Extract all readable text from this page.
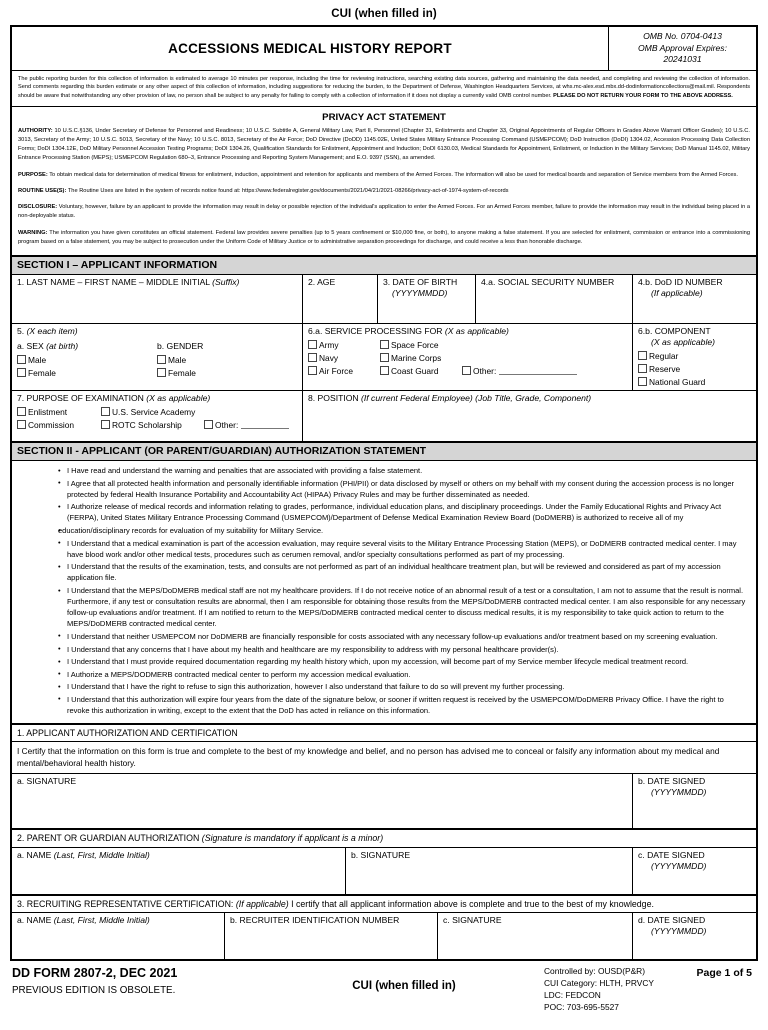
CUI (when filled in)
ACCESSIONS MEDICAL HISTORY REPORT
OMB No. 0704-0413
OMB Approval Expires:
20241031
The public reporting burden for this collection of information is estimated to average 10 minutes per response, including the time for reviewing instructions, searching existing data sources, gathering and maintaining the data needed, and completing and reviewing the collection of information. Send comments regarding this burden estimate or any other aspect of this collection of information, including suggestions for reducing the burden, to the Department of Defense, Washington Headquarters Services, at whs.mc-alex.esd.mbx.dd-dodinformationcollections@mail.mil. Respondents should be aware that notwithstanding any other provision of law, no person shall be subject to any penalty for failing to comply with a collection of information if it does not display a currently valid OMB control number. PLEASE DO NOT RETURN YOUR FORM TO THE ABOVE ADDRESS.
PRIVACY ACT STATEMENT
AUTHORITY: 10 U.S.C.§136, Under Secretary of Defense for Personnel and Readiness; 10 U.S.C. Subtitle A, General Military Law, Part II, Personnel (Chapter 31, Enlistments and Chapter 33, Original Appointments of Regular Officers in Grades Above Warrant Officer Grades); 10 U.S.C. 3013, Secretary of the Army; 10 U.S.C. 5013, Secretary of the Navy; 10 U.S.C. 8013, Secretary of the Air Force; DoD Directive (DoDD) 1145.02E, United States Military Entrance Processing Command (USMEPCOM); DoD Instruction (DoDI) 1304.02, Accession Processing Data Collection Forms; DoDI 1304.12E, DoD Military Personnel Accession Testing Programs; DoDI 1304.26, Qualification Standards for Enlistment, Appointment and Induction; DoDI 6130.03, Medical Standards for Appointment, Enlistment, or Induction in the Military Services; DoD Manual 1145.02, Military Entrance Processing Station (MEPS); USMEPCOM Regulation 680–3, Entrance Processing and Reporting System Management; and E.O. 9397 (SSN), as amended.
PURPOSE: To obtain medical data for determination of medical fitness for enlistment, induction, appointment and retention for applicants and members of the Armed Forces. The information will also be used for medical boards and separation of Service members from the Armed Forces.
ROUTINE USE(S): The Routine Uses are listed in the system of records notice found at: https://www.federalregister.gov/documents/2021/04/21/2021-08266/privacy-act-of-1974-system-of-records
DISCLOSURE: Voluntary, however, failure by an applicant to provide the information may result in delay or possible rejection of the individual's application to enter the Armed Forces. For an Armed Forces member, failure to provide the information may result in the individual being placed in a non-deployable status.
WARNING: The information you have given constitutes an official statement. Federal law provides severe penalties (up to 5 years confinement or $10,000 fine, or both), to anyone making a false statement. If you are selected for enlistment, commission or entrance into a commissioning program based on a false statement, you may be subject to prosecution under the Uniform Code of Military Justice or to administrative separation proceedings for discharge, and could receive a less than honorable discharge.
SECTION I – APPLICANT INFORMATION
1. LAST NAME – FIRST NAME – MIDDLE INITIAL (Suffix)	2. AGE	3. DATE OF BIRTH
(YYYYMMDD)
4.a. SOCIAL SECURITY NUMBER	4.b. DoD ID NUMBER
(If applicable)
5. (X each item)
a. SEX (at birth)
Male
Female
b. GENDER
Male
Female
6.a. SERVICE PROCESSING FOR (X as applicable)
Army	Space Force
Navy	Marine Corps
Air Force	Coast Guard	Other:
6.b. COMPONENT
(X as applicable)
Regular
Reserve
National Guard
7. PURPOSE OF EXAMINATION (X as applicable)
Enlistment	U.S. Service Academy
Commission	ROTC Scholarship	Other:
8. POSITION (If current Federal Employee) (Job Title, Grade, Component)
SECTION II - APPLICANT (OR PARENT/GUARDIAN) AUTHORIZATION STATEMENT
• I Have read and understand the warning and penalties that are associated with providing a false statement.
• I Agree that all protected health information and personally identifiable information (PHI/PII) or data disclosed by myself or others on my behalf with my consent during the accession process is no longer protected by federal Health Insurance Portability and Accountability Act (HIPAA) Privacy Rules and may be further disseminated as needed.
• I Authorize release of medical records and information relating to grades, performance, individual education plans, and disciplinary proceedings. Under the Family Educational Rights and Privacy Act (FERPA), United States Military Entrance Processing Command (USMEPCOM)/Department of Defense Medical Examination Review Board (DoDMERB) is authorized to receive all of my
• education/disciplinary records for evaluation of my suitability for Military Service.
• I Understand that a medical examination is part of the accession evaluation, may require several visits to the Military Entrance Processing Station (MEPS), or DoDMERB contracted medical center. I may have blood work and/or other medical tests, procedures such as cerumen removal, and/or specialty consultations performed as part of my processing.
• I Understand that the results of the examination, tests, and consults are not performed as part of an individual healthcare treatment plan, but will be reviewed and considered as part of my accession application file.
• I Understand that the MEPS/DoDMERB medical staff are not my healthcare providers. If I do not receive notice of an abnormal result of a test or a consultation, I am not to assume that the result is normal. Furthermore, if any test or consultation results are abnormal, then I am responsible for obtaining those results from the MEPS/DoDMERB contracted medical center. I am also responsible for any necessary follow-up evaluations and/or treatment. If I am notified to return to the MEPS/DoDMERB contracted medical center to discuss medical results, it is my responsibility to take quick action to return to the MEPS/DoDMERB contracted medical center.
• I Understand that neither USMEPCOM nor DoDMERB are financially responsible for costs associated with any necessary follow-up evaluations and/or treatment based on my screening evaluation.
• I Understand that any concerns that I have about my health and healthcare are my responsibility to address with my personal healthcare provider(s).
• I Understand that I must provide required documentation regarding my health history which, upon my accession, will become part of my Service member lifecycle medical treatment record.
• I Authorize a MEPS/DODMERB contracted medical center to perform my accession medical evaluation.
• I Understand that I have the right to refuse to sign this authorization, however I also understand that failure to do so will prevent my further processing.
• I Understand that this authorization will expire four years from the date of the signature below, or sooner if written request is received by the USMEPCOM/DoDMERB Privacy Office. I have the right to revoke this authorization in writing, except to the extent that the DoD has acted in reliance on this information.
1. APPLICANT AUTHORIZATION AND CERTIFICATION
I Certify that the information on this form is true and complete to the best of my knowledge and belief, and no person has advised me to conceal or falsify any information about my medical and mental/behavioral health history.
a. SIGNATURE	b. DATE SIGNED
(YYYYMMDD)
2. PARENT OR GUARDIAN AUTHORIZATION (Signature is mandatory if applicant is a minor)
a. NAME (Last, First, Middle Initial)	b. SIGNATURE	c. DATE SIGNED
(YYYYMMDD)
3. RECRUITING REPRESENTATIVE CERTIFICATION: (If applicable) I certify that all applicant information above is complete and true to the best of my knowledge.
a. NAME (Last, First, Middle Initial)	b. RECRUITER IDENTIFICATION NUMBER	c. SIGNATURE	d. DATE SIGNED
(YYYYMMDD)
DD FORM 2807-2, DEC 2021
PREVIOUS EDITION IS OBSOLETE.	CUI (when filled in)
Page 1 of 5
Controlled by: OUSD(P&R)
CUI Category: HLTH, PRVCY
LDC: FEDCON
POC: 703-695-5527
